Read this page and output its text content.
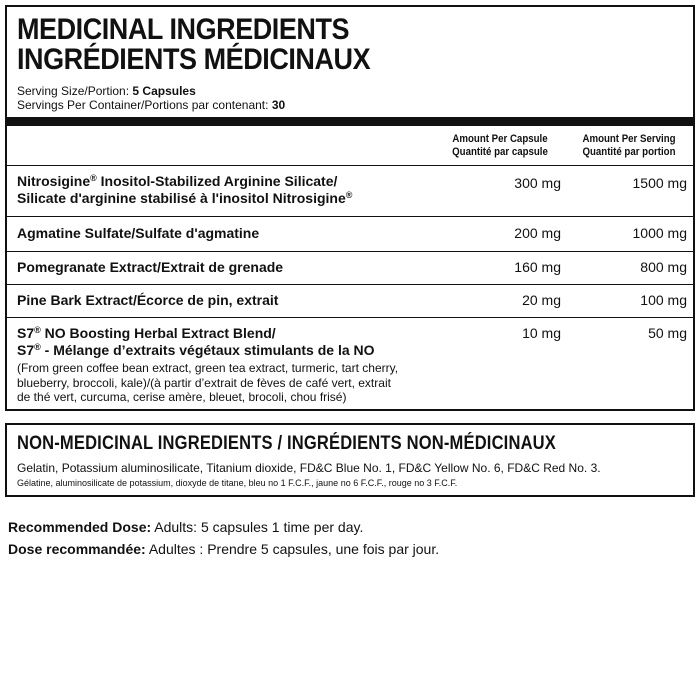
MEDICINAL INGREDIENTS
INGRÉDIENTS MÉDICINAUX
Serving Size/Portion: 5 Capsules
Servings Per Container/Portions par contenant: 30
Amount Per Capsule
Quantité par capsule
Amount Per Serving
Quantité par portion
Nitrosigine® Inositol-Stabilized Arginine Silicate/
Silicate d'arginine stabilisé à l'inositol Nitrosigine®
300 mg	1500 mg
Agmatine Sulfate/Sulfate d'agmatine	200 mg	1000 mg
Pomegranate Extract/Extrait de grenade	160 mg	800 mg
Pine Bark Extract/Écorce de pin, extrait	20 mg	100 mg
S7® NO Boosting Herbal Extract Blend/
S7® - Mélange d’extraits végétaux stimulants de la NO
10 mg	50 mg
(From green coffee bean extract, green tea extract, turmeric, tart cherry,
blueberry, broccoli, kale)/(à partir d’extrait de fèves de café vert, extrait
de thé vert, curcuma, cerise amère, bleuet, brocoli, chou frisé)
NON-MEDICINAL INGREDIENTS / INGRÉDIENTS NON-MÉDICINAUX
Gelatin, Potassium aluminosilicate, Titanium dioxide, FD&C Blue No. 1, FD&C Yellow No. 6, FD&C Red No. 3.
Gélatine, aluminosilicate de potassium, dioxyde de titane, bleu no 1 F.C.F., jaune no 6 F.C.F., rouge no 3 F.C.F.
Recommended Dose: Adults: 5 capsules 1 time per day.
Dose recommandée: Adultes : Prendre 5 capsules, une fois par jour.
